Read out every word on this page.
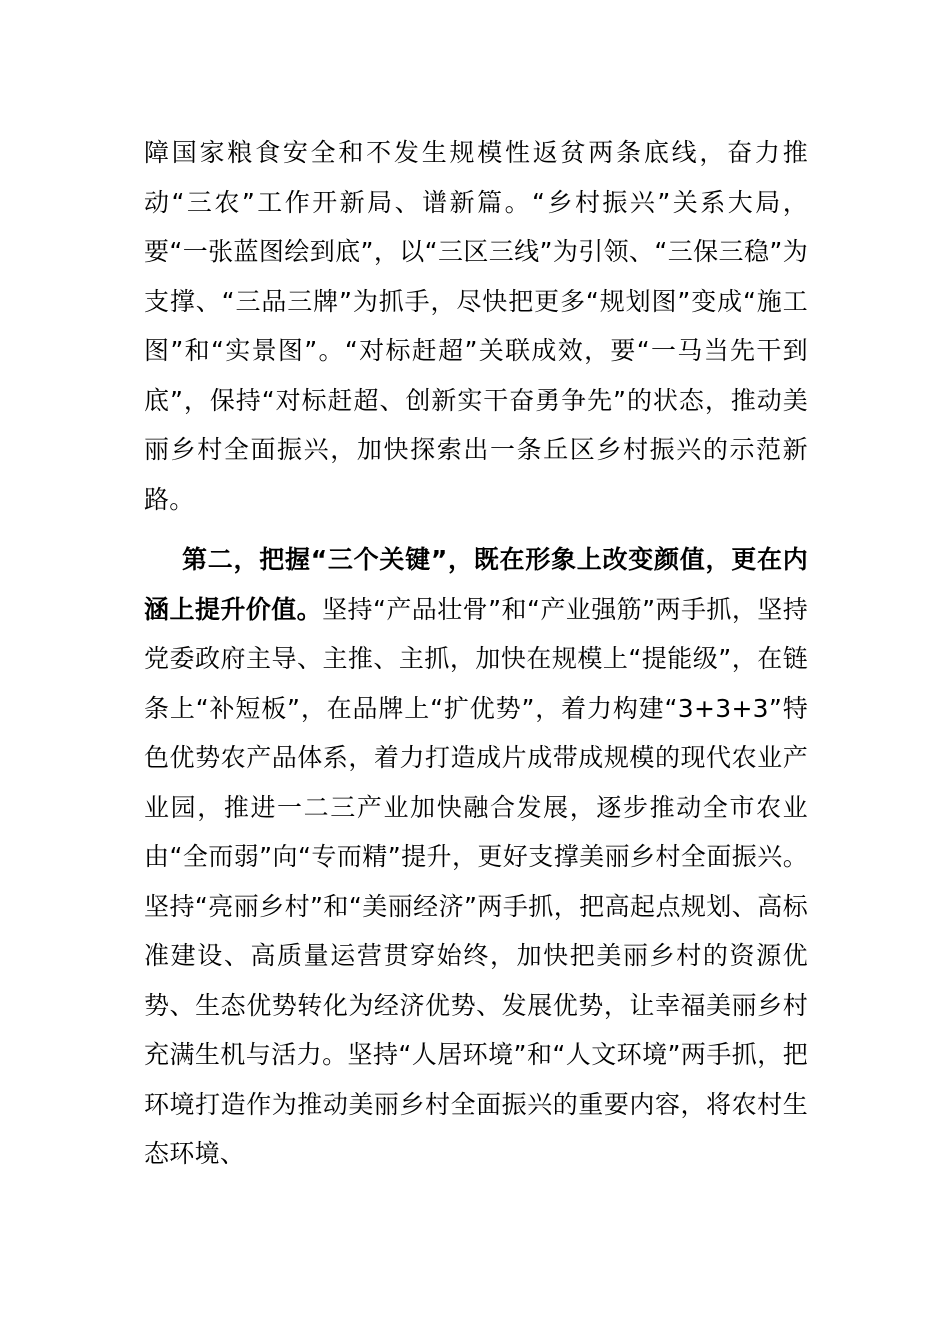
障国家粮食安全和不发生规模性返贫两条底线，奋力推动“三农”工作开新局、谱新篇。“乡村振兴”关系大局，要“一张蓝图绘到底”，以“三区三线”为引领、“三保三稳”为支撑、“三品三牌”为抓手，尽快把更多“规划图”变成“施工图”和“实景图”。“对标赶超”关联成效，要“一马当先干到底”，保持“对标赶超、创新实干奋勇争先”的状态，推动美丽乡村全面振兴，加快探索出一条丘区乡村振兴的示范新路。

第二，把握“三个关键”，既在形象上改变颜值，更在内涵上提升价值。坚持“产品壮骨”和“产业强筋”两手抓，坚持党委政府主导、主推、主抓，加快在规模上“提能级”，在链条上“补短板”，在品牌上“扩优势”，着力构建“3+3+3”特色优势农产品体系，着力打造成片成带成规模的现代农业产业园，推进一二三产业加快融合发展，逐步推动全市农业由“全而弱”向“专而精”提升，更好支撑美丽乡村全面振兴。坚持“亮丽乡村”和“美丽经济”两手抓，把高起点规划、高标准建设、高质量运营贯穿始终，加快把美丽乡村的资源优势、生态优势转化为经济优势、发展优势，让幸福美丽乡村充满生机与活力。坚持“人居环境”和“人文环境”两手抓，把环境打造作为推动美丽乡村全面振兴的重要内容，将农村生态环境、
